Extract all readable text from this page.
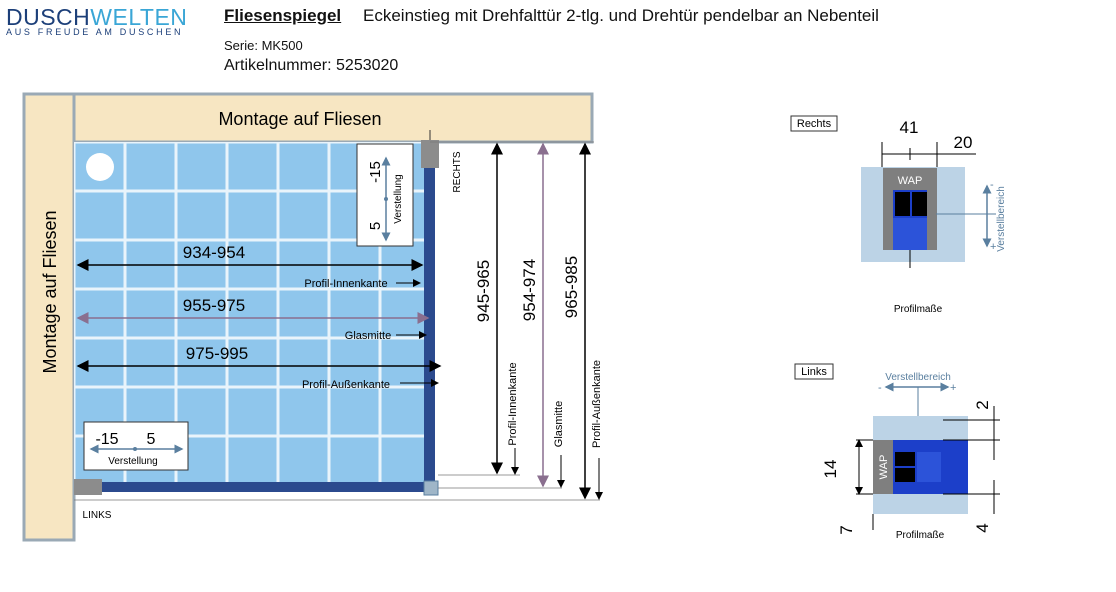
DUSCHWELTEN
AUS FREUDE AM DUSCHEN
Fliesenspiegel Eckeinstieg mit Drehfalttür 2-tlg. und Drehtür pendelbar an Nebenteil
Serie: MK500
Artikelnummer: 5253020
Montage auf Fliesen
Montage auf Fliesen
RECHTS
LINKS
-15
5
Verstellung
-15 5
Verstellung
934-954
Profil-Innenkante
955-975
Glasmitte
975-995
Profil-Außenkante
945-965
Profil-Innenkante
954-974
Glasmitte
965-985
Profil-Außenkante
Rechts	41
20
WAP
Verstellbereich
-
+
Profilmaße
Links	Verstellbereich
-	+
WAP
14
2
4
7	Profilmaße
